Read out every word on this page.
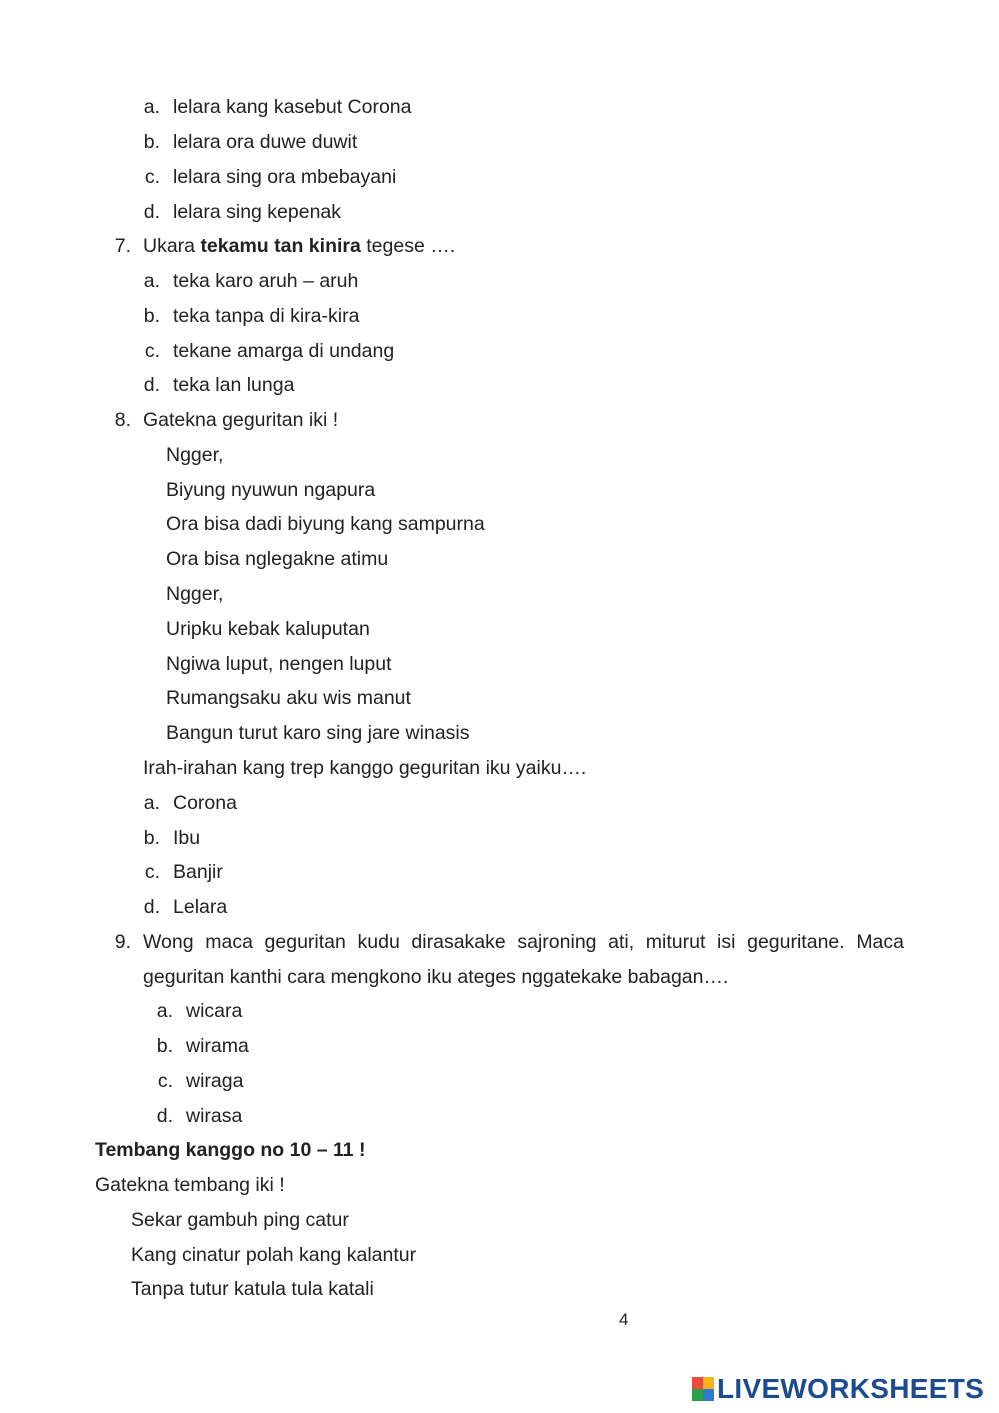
a. lelara kang kasebut Corona
b. lelara ora duwe duwit
c. lelara sing ora mbebayani
d. lelara sing kepenak
7. Ukara tekamu tan kinira tegese ….
a. teka karo aruh – aruh
b. teka tanpa di kira-kira
c. tekane amarga di undang
d. teka lan lunga
8. Gatekna geguritan iki !
Ngger,
Biyung nyuwun ngapura
Ora bisa dadi biyung kang sampurna
Ora bisa nglegakne atimu
Ngger,
Uripku kebak kaluputan
Ngiwa luput, nengen luput
Rumangsaku aku wis manut
Bangun turut karo sing jare winasis
Irah-irahan kang trep kanggo geguritan iku yaiku….
a. Corona
b. Ibu
c. Banjir
d. Lelara
9. Wong maca geguritan kudu dirasakake sajroning ati, miturut isi geguritane. Maca
geguritan kanthi cara mengkono iku ateges nggatekake babagan….
a. wicara
b. wirama
c. wiraga
d. wirasa
Tembang kanggo no 10 – 11 !
Gatekna tembang iki !
Sekar gambuh ping catur
Kang cinatur polah kang kalantur
Tanpa tutur katula tula katali
4
LIVEWORKSHEETS
